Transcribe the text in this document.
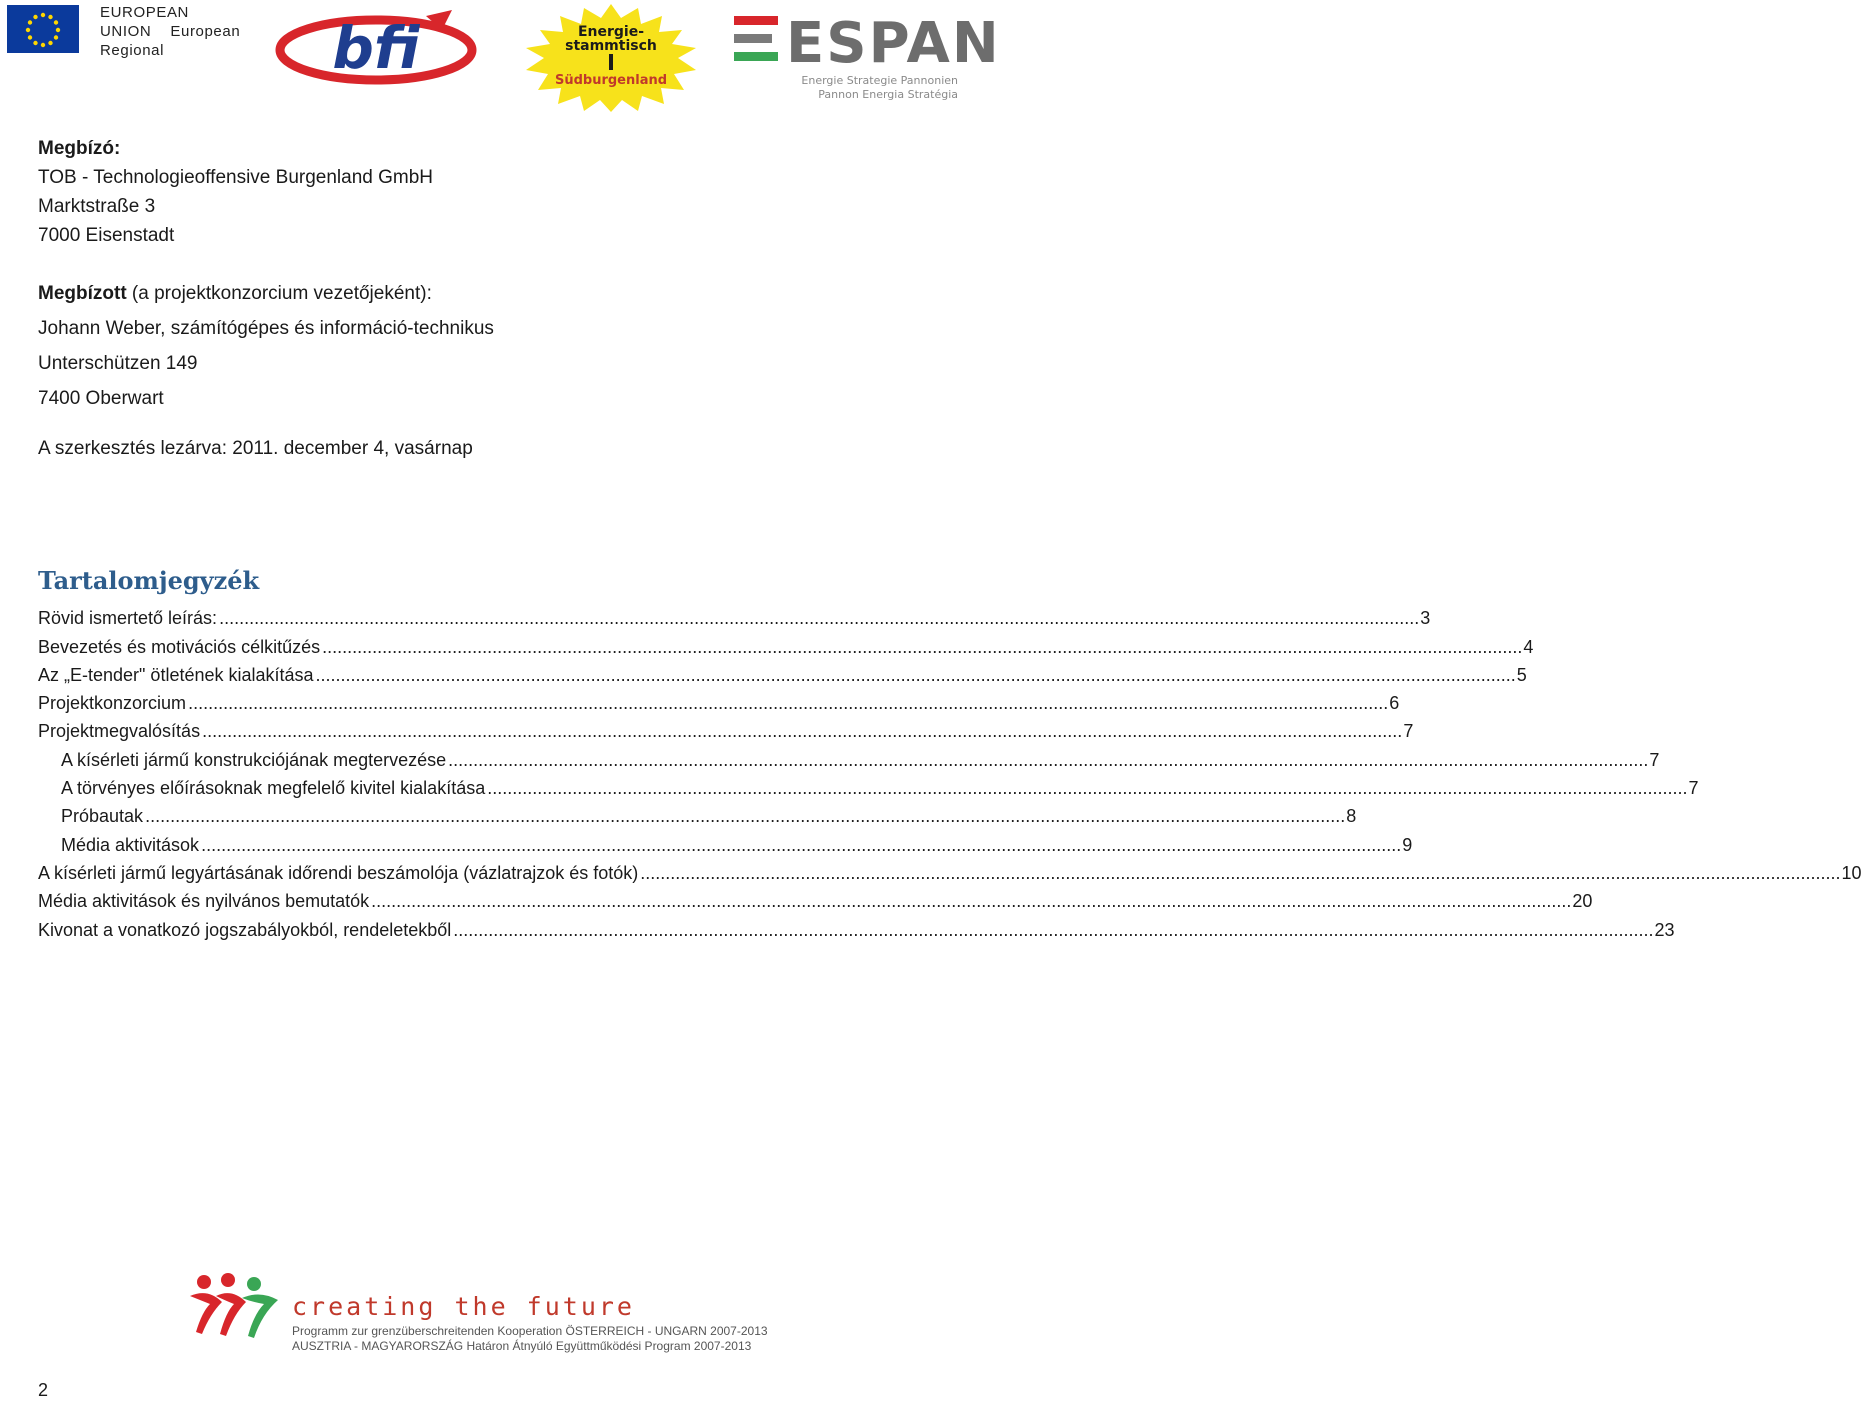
EUROPEAN
UNION    European
Regional	bfi	Energie-
stammtisch
Südburgenland
ESPAN
Energie Strategie Pannonien
Pannon Energia Stratégia
Megbízó:
TOB - Technologieoffensive Burgenland GmbH
Marktstraße 3
7000 Eisenstadt
Megbízott (a projektkonzorcium vezetőjeként):
Johann Weber, számítógépes és információ-technikus
Unterschützen 149
7400 Oberwart
A szerkesztés lezárva: 2011. december 4, vasárnap
Tartalomjegyzék
Rövid ismertető leírás: .....	3
Bevezetés és motivációs célkitűzés .....	4
Az „E-tender" ötletének kialakítása .....	5
Projektkonzorcium .....	6
Projektmegvalósítás .....	7
A kísérleti jármű konstrukciójának megtervezése .....	7
A törvényes előírásoknak megfelelő kivitel kialakítása .....	7
Próbautak .....	8
Média aktivitások .....	9
A kísérleti jármű legyártásának időrendi beszámolója (vázlatrajzok és fotók) .....	10
Média aktivitások és nyilvános bemutatók .....	20
Kivonat a vonatkozó jogszabályokból, rendeletekből .....	23
creating the future
Programm zur grenzüberschreitenden Kooperation ÖSTERREICH - UNGARN 2007-2013
AUSZTRIA - MAGYARORSZÁG Határon Átnyúló Együttműködési Program 2007-2013
2
